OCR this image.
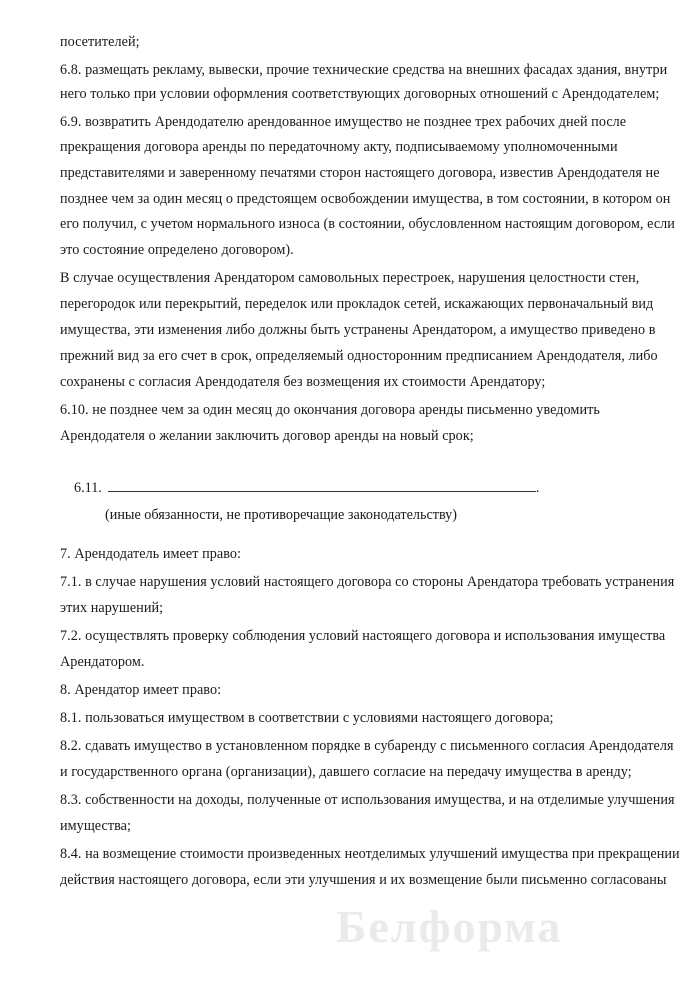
посетителей;
6.8. размещать рекламу, вывески, прочие технические средства на внешних фасадах здания, внутри
него только при условии оформления соответствующих договорных отношений с Арендодателем;
6.9. возвратить Арендодателю арендованное имущество не позднее трех рабочих дней после
прекращения договора аренды по передаточному акту, подписываемому уполномоченными
представителями и заверенному печатями сторон настоящего договора, известив Арендодателя не
позднее чем за один месяц о предстоящем освобождении имущества, в том состоянии, в котором он
его получил, с учетом нормального износа (в состоянии, обусловленном настоящим договором, если
это состояние определено договором).
В случае осуществления Арендатором самовольных перестроек, нарушения целостности стен,
перегородок или перекрытий, переделок или прокладок сетей, искажающих первоначальный вид
имущества, эти изменения либо должны быть устранены Арендатором, а имущество приведено в
прежний вид за его счет в срок, определяемый односторонним предписанием Арендодателя, либо
сохранены с согласия Арендодателя без возмещения их стоимости Арендатору;
6.10. не позднее чем за один месяц до окончания договора аренды письменно уведомить
Арендодателя о желании заключить договор аренды на новый срок;
6.11.	.
(иные обязанности, не противоречащие законодательству)
7. Арендодатель имеет право:
7.1. в случае нарушения условий настоящего договора со стороны Арендатора требовать устранения
этих нарушений;
7.2. осуществлять проверку соблюдения условий настоящего договора и использования имущества
Арендатором.
8. Арендатор имеет право:
8.1. пользоваться имуществом в соответствии с условиями настоящего договора;
8.2. сдавать имущество в установленном порядке в субаренду с письменного согласия Арендодателя
и государственного органа (организации), давшего согласие на передачу имущества в аренду;
8.3. собственности на доходы, полученные от использования имущества, и на отделимые улучшения
имущества;
8.4. на возмещение стоимости произведенных неотделимых улучшений имущества при прекращении
действия настоящего договора, если эти улучшения и их возмещение были письменно согласованы
Белформа
